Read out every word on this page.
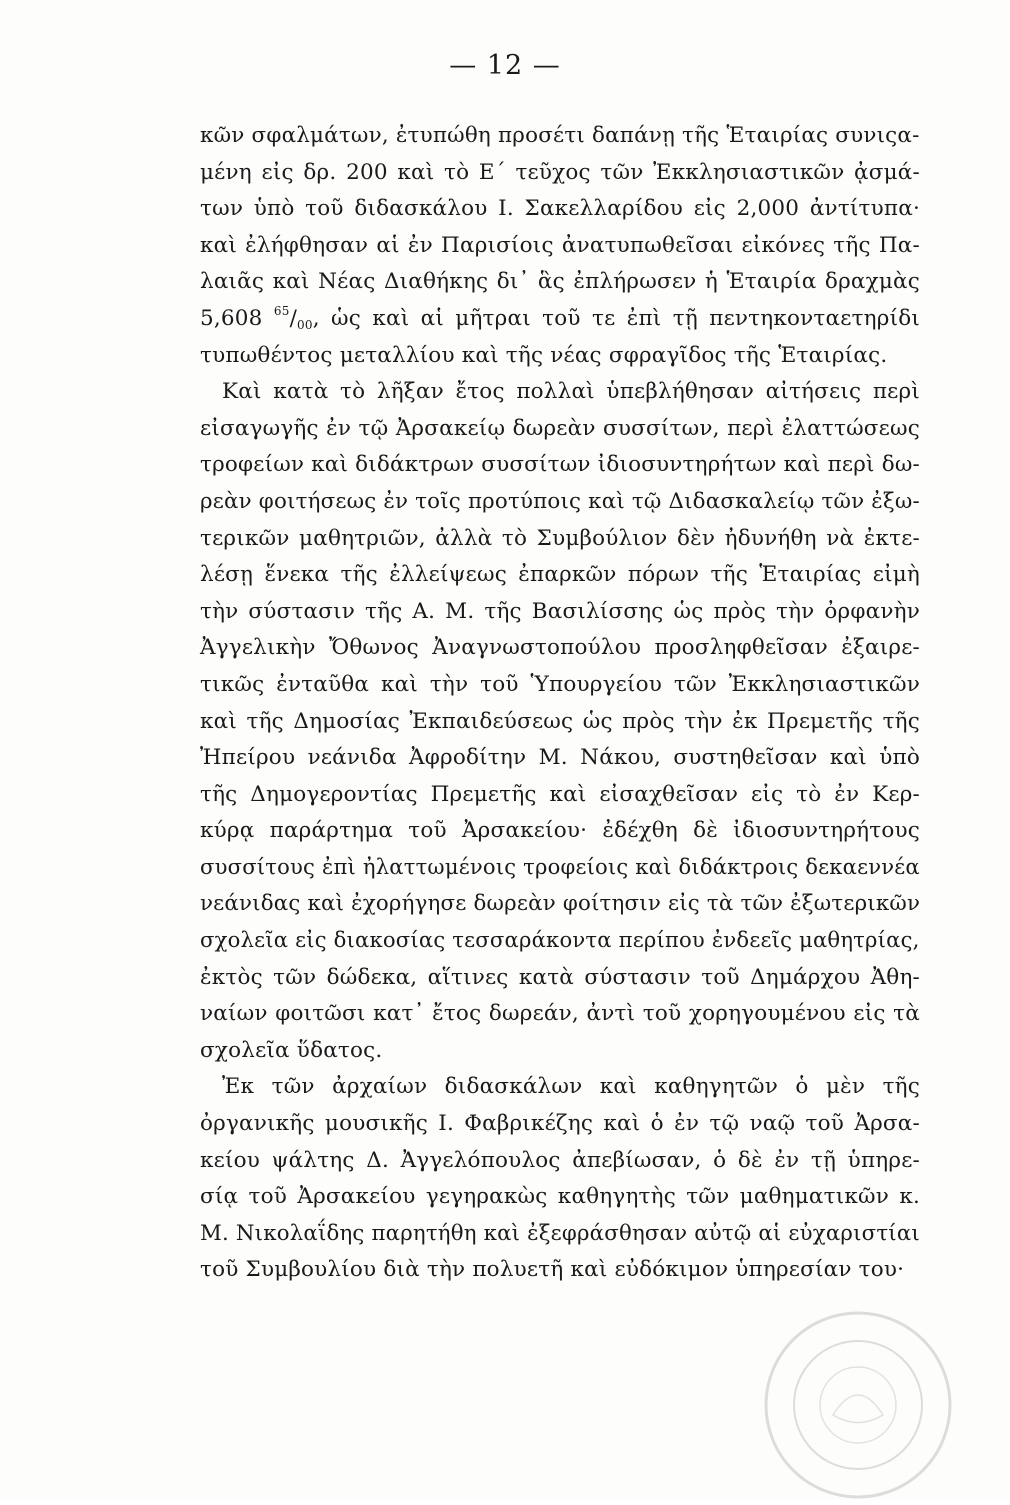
— 12 —
κῶν σφαλμάτων, ἐτυπώθη προσέτι δαπάνῃ τῆς Ἑταιρίας συνιςα-
μένη εἰς δρ. 200 καὶ τὸ Ε΄ τεῦχος τῶν Ἐκκλησιαστικῶν ᾀσμά-
των ὑπὸ τοῦ διδασκάλου Ι. Σακελλαρίδου εἰς 2,000 ἀντίτυπα·
καὶ ἐλήφθησαν αἱ ἐν Παρισίοις ἀνατυπωθεῖσαι εἰκόνες τῆς Πα-
λαιᾶς καὶ Νέας Διαθήκης δι᾽ ἃς ἐπλήρωσεν ἡ Ἑταιρία δραχμὰς
5,608 $^{65}/_{00}$, ὡς καὶ αἱ μῆτραι τοῦ τε ἐπὶ τῇ πεντηκονταετηρίδι
τυπωθέντος μεταλλίου καὶ τῆς νέας σφραγῖδος τῆς Ἑταιρίας.
Καὶ κατὰ τὸ λῆξαν ἔτος πολλαὶ ὑπεβλήθησαν αἰτήσεις περὶ
εἰσαγωγῆς ἐν τῷ Ἀρσακείῳ δωρεὰν συσσίτων, περὶ ἐλαττώσεως
τροφείων καὶ διδάκτρων συσσίτων ἰδιοσυντηρήτων καὶ περὶ δω-
ρεὰν φοιτήσεως ἐν τοῖς προτύποις καὶ τῷ Διδασκαλείῳ τῶν ἐξω-
τερικῶν μαθητριῶν, ἀλλὰ τὸ Συμβούλιον δὲν ἠδυνήθη νὰ ἐκτε-
λέσῃ ἕνεκα τῆς ἐλλείψεως ἐπαρκῶν πόρων τῆς Ἑταιρίας εἰμὴ
τὴν σύστασιν τῆς Α. Μ. τῆς Βασιλίσσης ὡς πρὸς τὴν ὀρφανὴν
Ἀγγελικὴν Ὄθωνος Ἀναγνωστοπούλου προσληφθεῖσαν ἐξαιρε-
τικῶς ἐνταῦθα καὶ τὴν τοῦ Ὑπουργείου τῶν Ἐκκλησιαστικῶν
καὶ τῆς Δημοσίας Ἐκπαιδεύσεως ὡς πρὸς τὴν ἐκ Πρεμετῆς τῆς
Ἠπείρου νεάνιδα Ἀφροδίτην Μ. Νάκου, συστηθεῖσαν καὶ ὑπὸ
τῆς Δημογεροντίας Πρεμετῆς καὶ εἰσαχθεῖσαν εἰς τὸ ἐν Κερ-
κύρᾳ παράρτημα τοῦ Ἀρσακείου· ἐδέχθη δὲ ἰδιοσυντηρήτους
συσσίτους ἐπὶ ἠλαττωμένοις τροφείοις καὶ διδάκτροις δεκαεννέα
νεάνιδας καὶ ἐχορήγησε δωρεὰν φοίτησιν εἰς τὰ τῶν ἐξωτερικῶν
σχολεῖα εἰς διακοσίας τεσσαράκοντα περίπου ἐνδεεῖς μαθητρίας,
ἐκτὸς τῶν δώδεκα, αἵτινες κατὰ σύστασιν τοῦ Δημάρχου Ἀθη-
ναίων φοιτῶσι κατ᾽ ἔτος δωρεάν, ἀντὶ τοῦ χορηγουμένου εἰς τὰ
σχολεῖα ὕδατος.
Ἐκ τῶν ἀρχαίων διδασκάλων καὶ καθηγητῶν ὁ μὲν τῆς
ὀργανικῆς μουσικῆς Ι. Φαβρικέζης καὶ ὁ ἐν τῷ ναῷ τοῦ Ἀρσα-
κείου ψάλτης Δ. Ἀγγελόπουλος ἀπεβίωσαν, ὁ δὲ ἐν τῇ ὑπηρε-
σίᾳ τοῦ Ἀρσακείου γεγηρακὼς καθηγητὴς τῶν μαθηματικῶν κ.
Μ. Νικολαΐδης παρητήθη καὶ ἐξεφράσθησαν αὐτῷ αἱ εὐχαριστίαι
τοῦ Συμβουλίου διὰ τὴν πολυετῆ καὶ εὐδόκιμον ὑπηρεσίαν του·
